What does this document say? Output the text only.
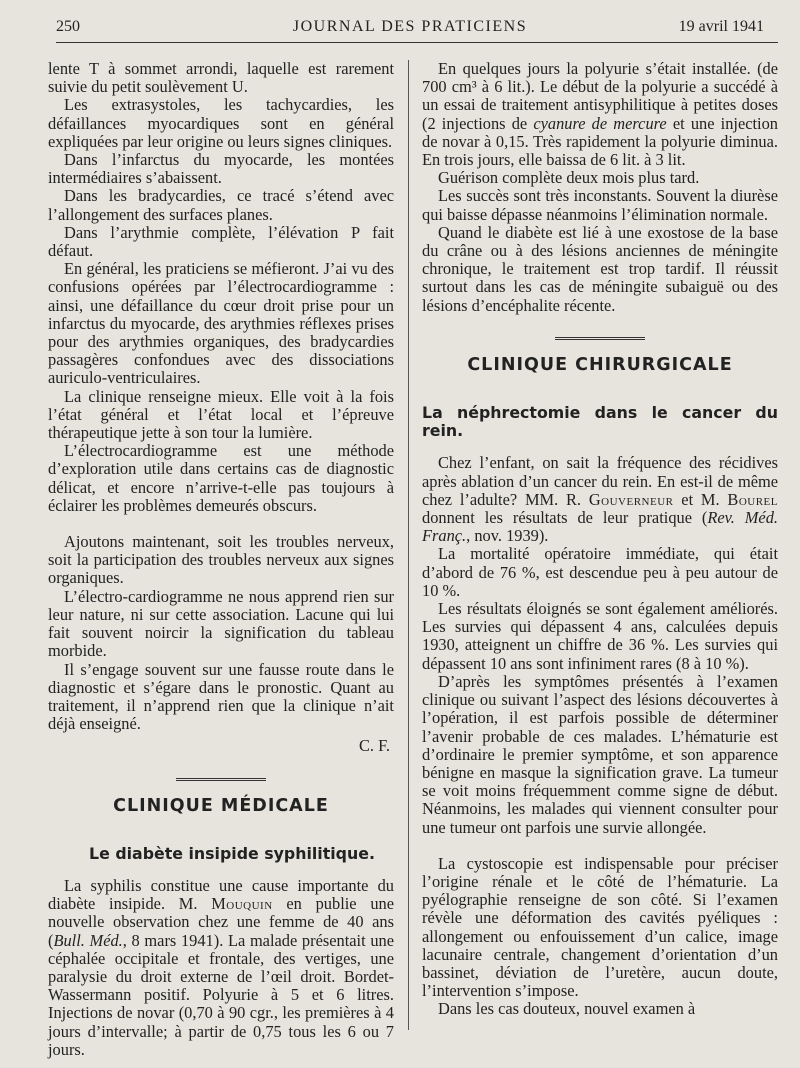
250	JOURNAL DES PRATICIENS	19 avril 1941

lente T à sommet arrondi, laquelle est rarement suivie du petit soulèvement U.

Les extrasystoles, les tachycardies, les défaillances myocardiques sont en général expliquées par leur origine ou leurs signes cliniques.

Dans l’infarctus du myocarde, les montées intermédiaires s’abaissent.

Dans les bradycardies, ce tracé s’étend avec l’allongement des surfaces planes.

Dans l’arythmie complète, l’élévation P fait défaut.

En général, les praticiens se méfieront. J’ai vu des confusions opérées par l’électrocardiogramme : ainsi, une défaillance du cœur droit prise pour un infarctus du myocarde, des arythmies réflexes prises pour des arythmies organiques, des bradycardies passagères confondues avec des dissociations auriculo-ventriculaires.

La clinique renseigne mieux. Elle voit à la fois l’état général et l’état local et l’épreuve thérapeutique jette à son tour la lumière.

L’électrocardiogramme est une méthode d’exploration utile dans certains cas de diagnostic délicat, et encore n’arrive-t-elle pas toujours à éclairer les problèmes demeurés obscurs.

Ajoutons maintenant, soit les troubles nerveux, soit la participation des troubles nerveux aux signes organiques.

L’électro-cardiogramme ne nous apprend rien sur leur nature, ni sur cette association. Lacune qui lui fait souvent noircir la signification du tableau morbide.

Il s’engage souvent sur une fausse route dans le diagnostic et s’égare dans le pronostic. Quant au traitement, il n’apprend rien que la clinique n’ait déjà enseigné.

C. F.

CLINIQUE MÉDICALE

Le diabète insipide syphilitique.

La syphilis constitue une cause importante du diabète insipide. M. Mouquin en publie une nouvelle observation chez une femme de 40 ans (Bull. Méd., 8 mars 1941). La malade présentait une céphalée occipitale et frontale, des vertiges, une paralysie du droit externe de l’œil droit. Bordet-Wassermann positif. Polyurie à 5 et 6 litres. Injections de novar (0,70 à 90 cgr., les premières à 4 jours d’intervalle; à partir de 0,75 tous les 6 ou 7 jours.

En quelques jours la polyurie s’était installée. (de 700 cm³ à 6 lit.). Le début de la polyurie a succédé à un essai de traitement antisyphilitique à petites doses (2 injections de cyanure de mercure et une injection de novar à 0,15. Très rapidement la polyurie diminua. En trois jours, elle baissa de 6 lit. à 3 lit.

Guérison complète deux mois plus tard.

Les succès sont très inconstants. Souvent la diurèse qui baisse dépasse néanmoins l’élimination normale.

Quand le diabète est lié à une exostose de la base du crâne ou à des lésions anciennes de méningite chronique, le traitement est trop tardif. Il réussit surtout dans les cas de méningite subaiguë ou des lésions d’encéphalite récente.

CLINIQUE CHIRURGICALE

La néphrectomie dans le cancer du rein.

Chez l’enfant, on sait la fréquence des récidives après ablation d’un cancer du rein. En est-il de même chez l’adulte? MM. R. Gouverneur et M. Bourel donnent les résultats de leur pratique (Rev. Méd. Franç., nov. 1939).

La mortalité opératoire immédiate, qui était d’abord de 76 %, est descendue peu à peu autour de 10 %.

Les résultats éloignés se sont également améliorés. Les survies qui dépassent 4 ans, calculées depuis 1930, atteignent un chiffre de 36 %. Les survies qui dépassent 10 ans sont infiniment rares (8 à 10 %).

D’après les symptômes présentés à l’examen clinique ou suivant l’aspect des lésions découvertes à l’opération, il est parfois possible de déterminer l’avenir probable de ces malades. L’hématurie est d’ordinaire le premier symptôme, et son apparence bénigne en masque la signification grave. La tumeur se voit moins fréquemment comme signe de début. Néanmoins, les malades qui viennent consulter pour une tumeur ont parfois une survie allongée.

La cystoscopie est indispensable pour préciser l’origine rénale et le côté de l’hématurie. La pyélographie renseigne de son côté. Si l’examen révèle une déformation des cavités pyéliques : allongement ou enfouissement d’un calice, image lacunaire centrale, changement d’orientation d’un bassinet, déviation de l’uretère, aucun doute, l’intervention s’impose.

Dans les cas douteux, nouvel examen à
